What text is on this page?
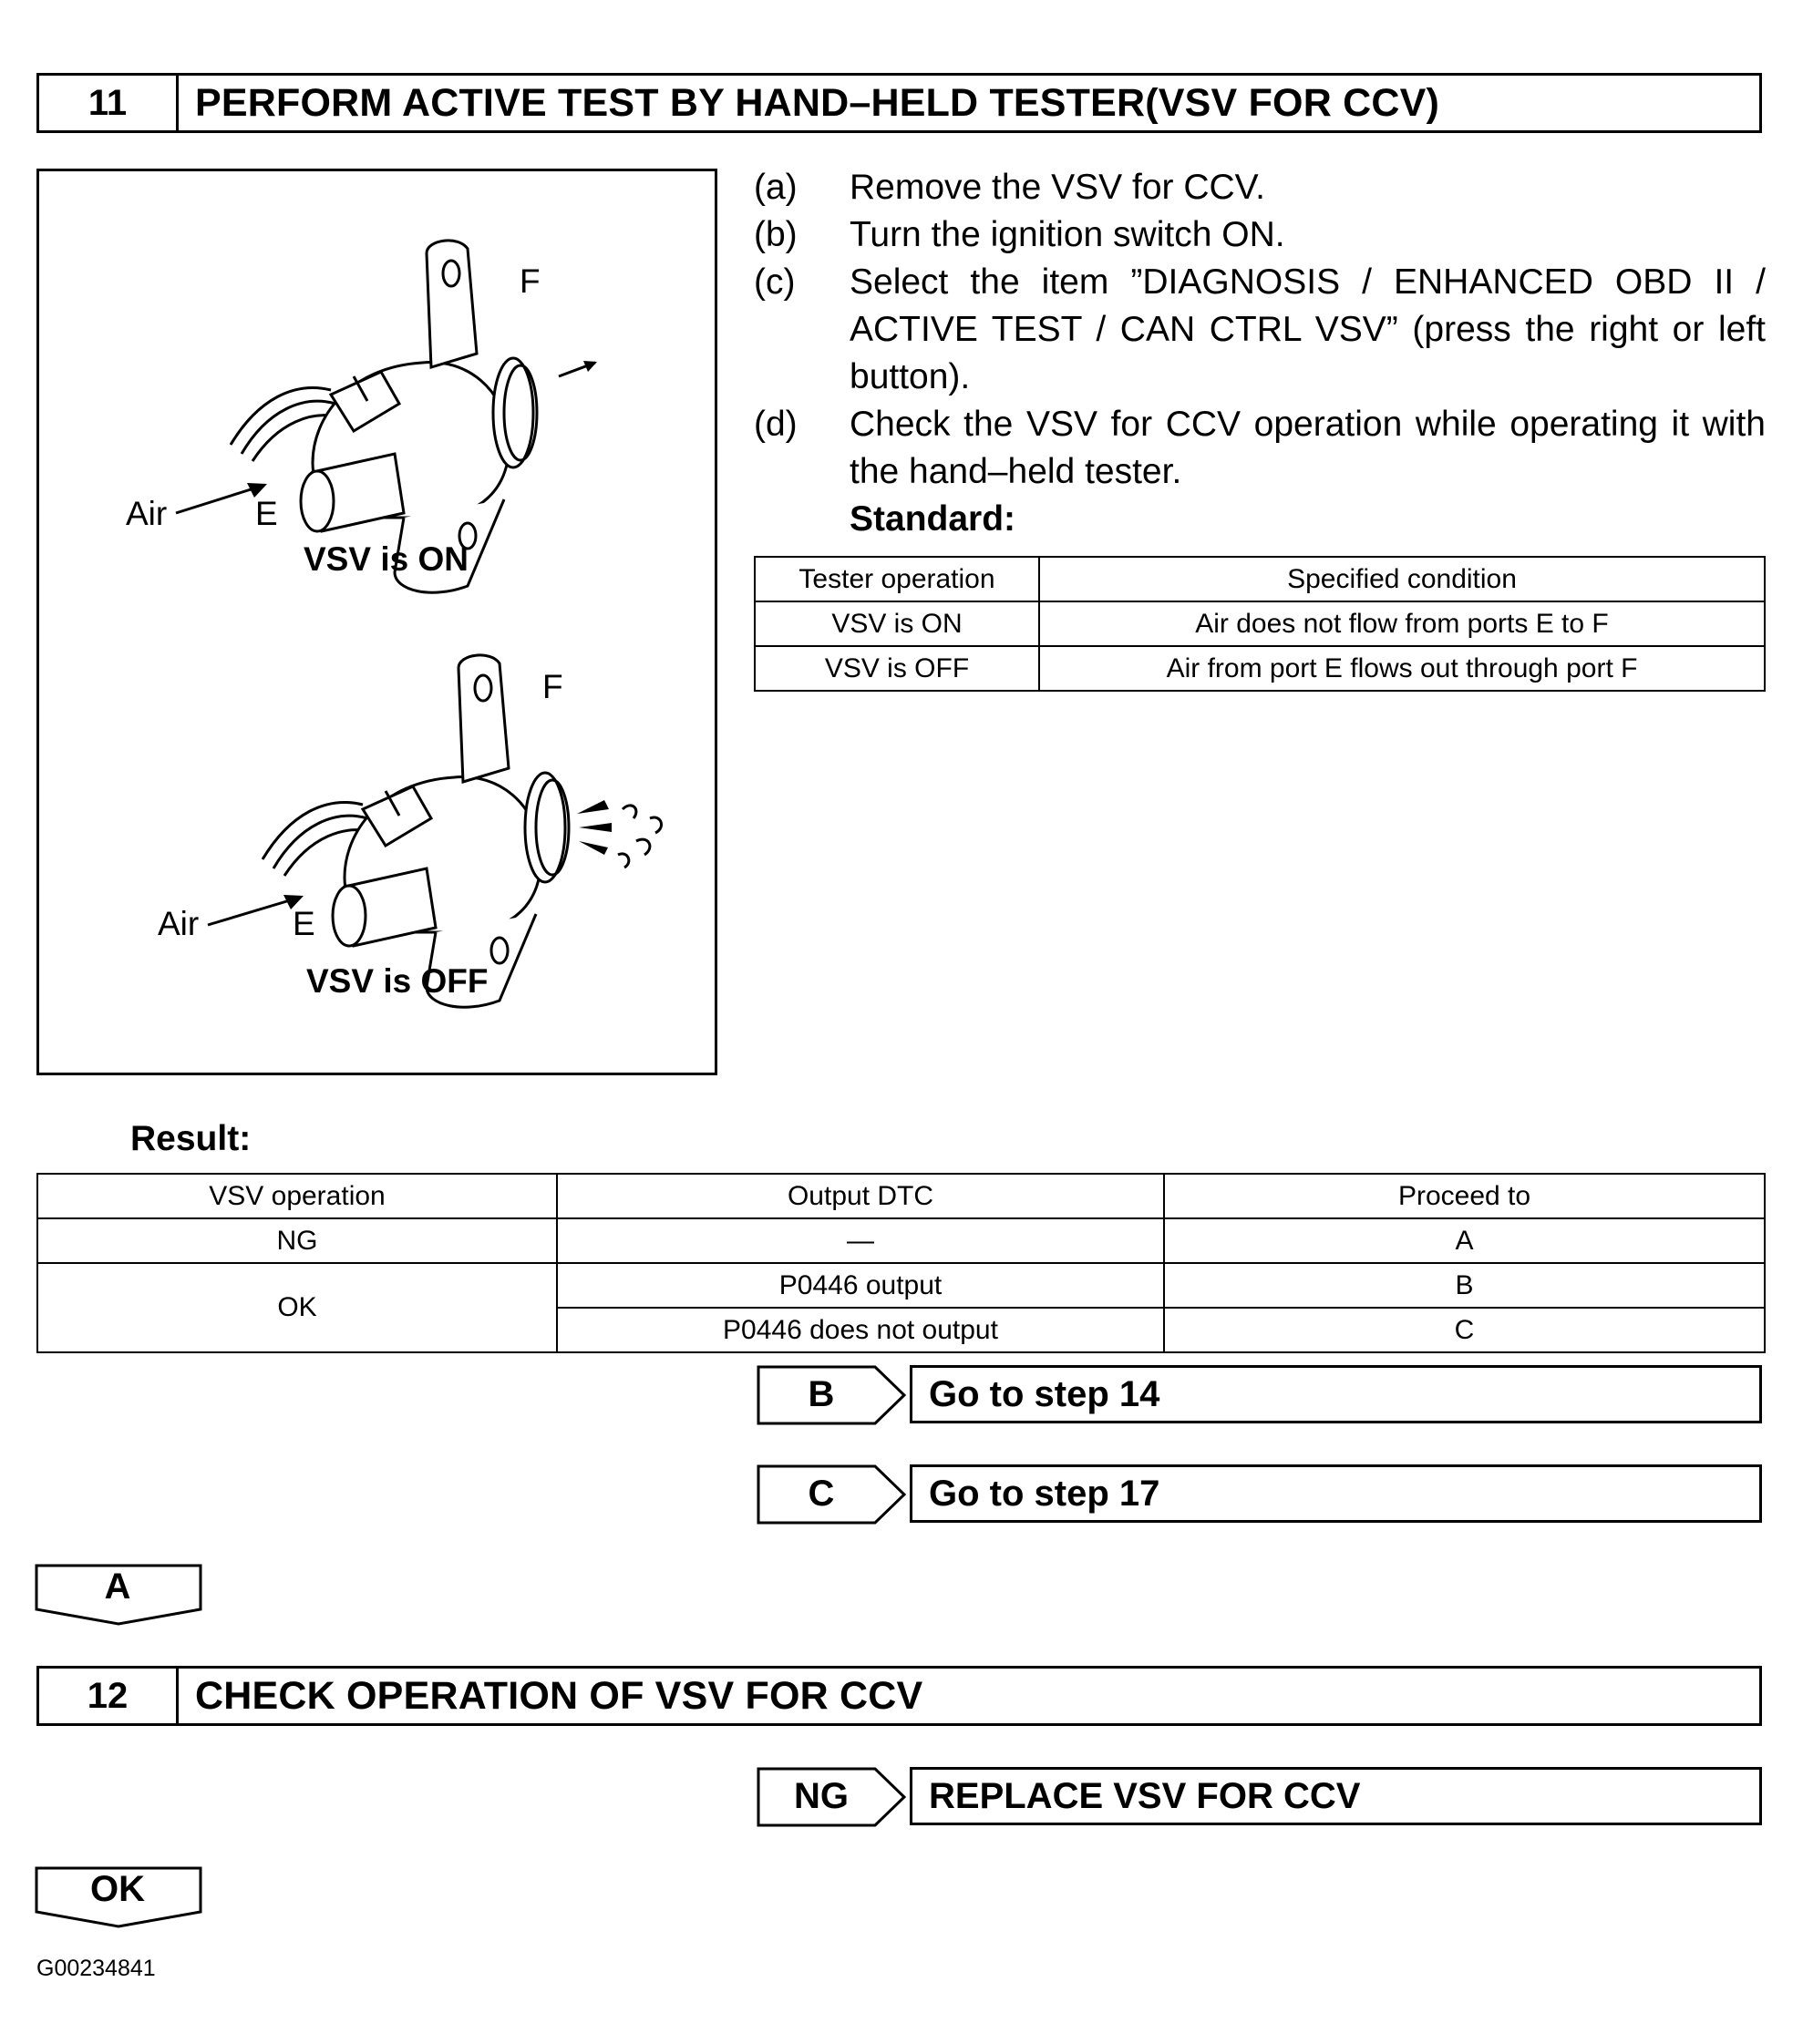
11	PERFORM ACTIVE TEST BY HAND–HELD TESTER(VSV FOR CCV)
F
Air	E
VSV is ON
F
Air	E
VSV is OFF
(a)	Remove the VSV for CCV.
(b)	Turn the ignition switch ON.
(c)	Select the item ”DIAGNOSIS / ENHANCED OBD II / ACTIVE TEST / CAN CTRL VSV” (press the right or left button).
(d)	Check the VSV for CCV operation while operating it with the hand–held tester.
Standard:
Tester operation	Specified condition
VSV is ON	Air does not flow from ports E to F
VSV is OFF	Air from port E flows out through port F
Result:
VSV operation	Output DTC	Proceed to
NG	—	A
OK	P0446 output	B
	P0446 does not output	C
B	Go to step 14
C	Go to step 17
A
12	CHECK OPERATION OF VSV FOR CCV
NG	REPLACE VSV FOR CCV
OK
G00234841
